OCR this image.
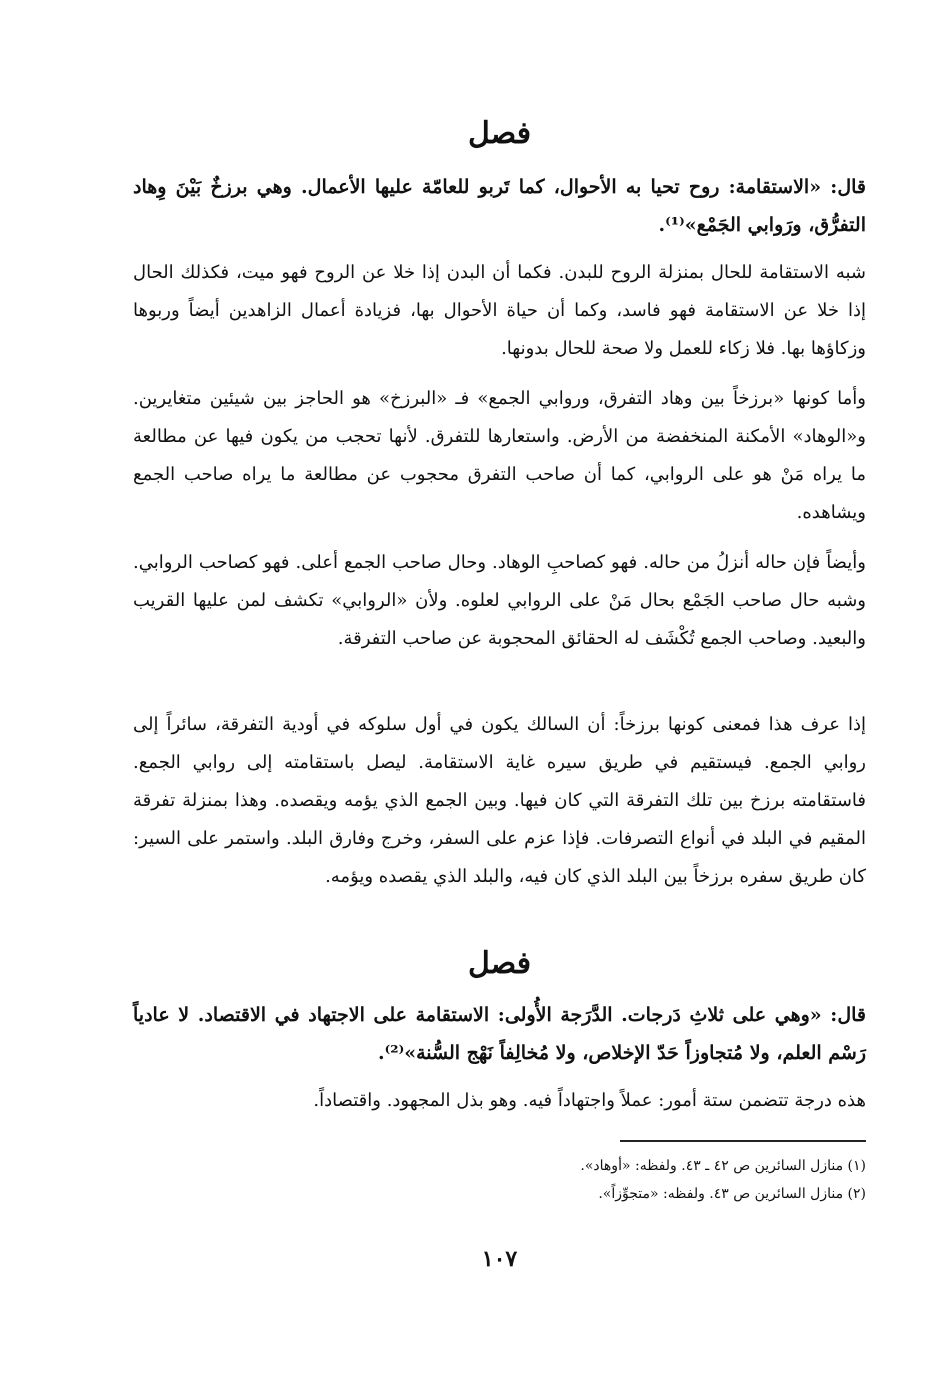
فصل

قال: «الاستقامة: روح تحيا به الأحوال، كما تَربو للعامّة عليها الأعمال. وهي برزخٌ بَيْنَ وِهاد التفرُّق، ورَوابي الجَمْع»⁽¹⁾.

شبه الاستقامة للحال بمنزلة الروح للبدن. فكما أن البدن إذا خلا عن الروح فهو ميت، فكذلك الحال إذا خلا عن الاستقامة فهو فاسد، وكما أن حياة الأحوال بها، فزيادة أعمال الزاهدين أيضاً وربوها وزكاؤها بها. فلا زكاء للعمل ولا صحة للحال بدونها.

وأما كونها «برزخاً بين وهاد التفرق، وروابي الجمع» فـ «البرزخ» هو الحاجز بين شيئين متغايرين. و«الوهاد» الأمكنة المنخفضة من الأرض. واستعارها للتفرق. لأنها تحجب من يكون فيها عن مطالعة ما يراه مَنْ هو على الروابي، كما أن صاحب التفرق محجوب عن مطالعة ما يراه صاحب الجمع ويشاهده.

وأيضاً فإن حاله أنزلُ من حاله. فهو كصاحبِ الوهاد. وحال صاحب الجمع أعلى. فهو كصاحب الروابي. وشبه حال صاحب الجَمْع بحال مَنْ على الروابي لعلوه. ولأن «الروابي» تكشف لمن عليها القريب والبعيد. وصاحب الجمع تُكْشَف له الحقائق المحجوبة عن صاحب التفرقة.

إذا عرف هذا فمعنى كونها برزخاً: أن السالك يكون في أول سلوكه في أودية التفرقة، سائراً إلى روابي الجمع. فيستقيم في طريق سيره غاية الاستقامة. ليصل باستقامته إلى روابي الجمع. فاستقامته برزخ بين تلك التفرقة التي كان فيها. وبين الجمع الذي يؤمه ويقصده. وهذا بمنزلة تفرقة المقيم في البلد في أنواع التصرفات. فإذا عزم على السفر، وخرج وفارق البلد. واستمر على السير: كان طريق سفره برزخاً بين البلد الذي كان فيه، والبلد الذي يقصده ويؤمه.

فصل

قال: «وهي على ثلاثِ دَرجات. الدَّرَجة الأُولى: الاستقامة على الاجتهاد في الاقتصاد. لا عادياً رَسْم العلم، ولا مُتجاوزاً حَدّ الإخلاص، ولا مُخالِفاً نَهْج السُّنة»⁽²⁾.

هذه درجة تتضمن ستة أمور: عملاً واجتهاداً فيه. وهو بذل المجهود. واقتصاداً.

(١) منازل السائرين ص ٤٢ ـ ٤٣. ولفظه: «أوهاد».

(٢) منازل السائرين ص ٤٣. ولفظه: «متجوِّزاً».

١٠٧
